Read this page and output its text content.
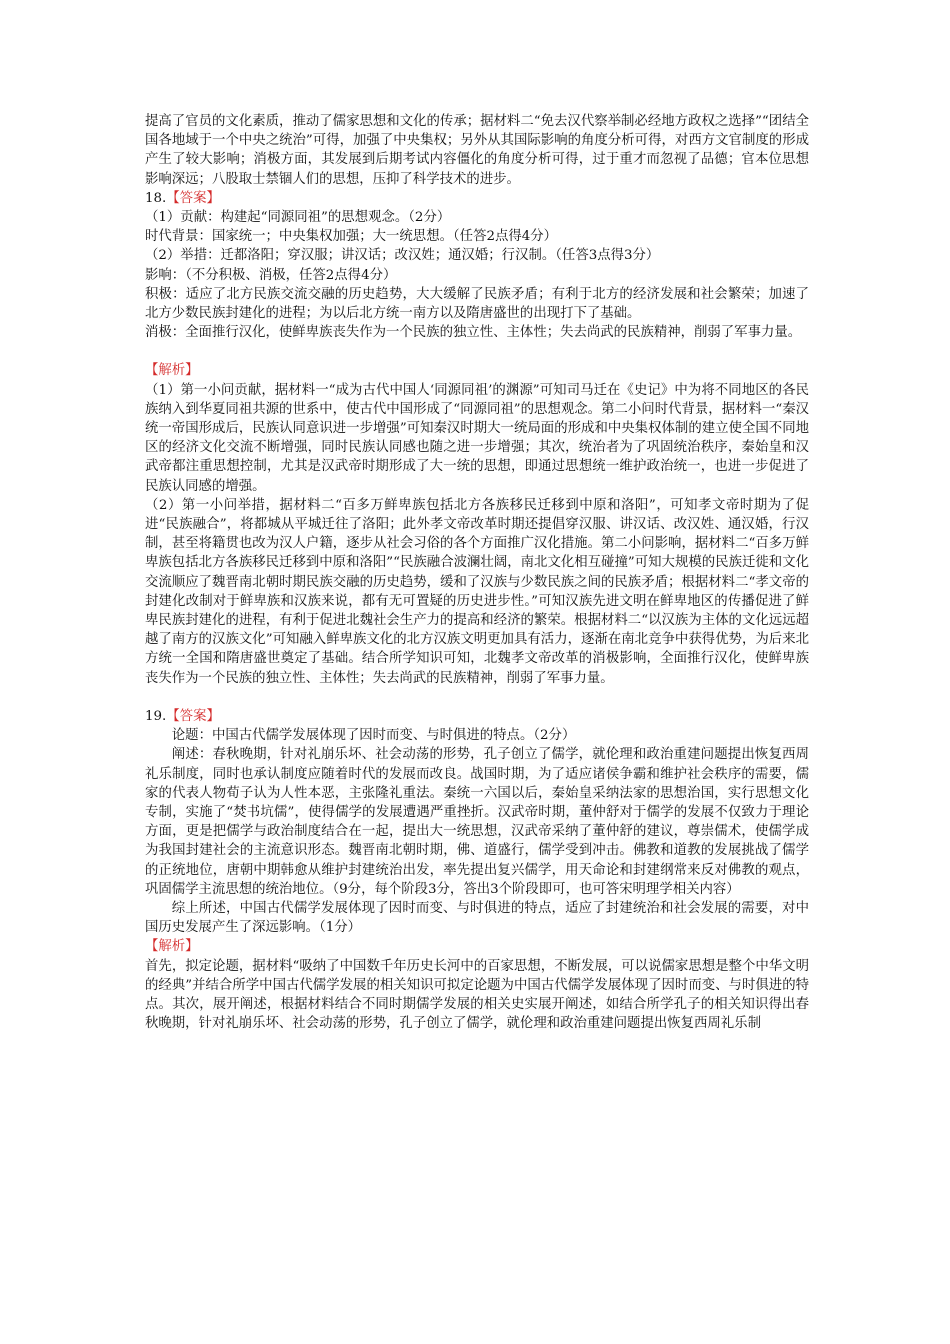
提高了官员的文化素质，推动了儒家思想和文化的传承；据材料二“免去汉代察举制必经地方政权之选择”“团结全国各地域于一个中央之统治”可得，加强了中央集权；另外从其国际影响的角度分析可得，对西方文官制度的形成产生了较大影响；消极方面，其发展到后期考试内容僵化的角度分析可得，过于重才而忽视了品德；官本位思想影响深远；八股取士禁锢人们的思想，压抑了科学技术的进步。

18.【答案】

（1）贡献：构建起“同源同祖”的思想观念。（2分）

时代背景：国家统一；中央集权加强；大一统思想。（任答2点得4分）

（2）举措：迁都洛阳；穿汉服；讲汉话；改汉姓；通汉婚；行汉制。（任答3点得3分）

影响：（不分积极、消极，任答2点得4分）

积极：适应了北方民族交流交融的历史趋势，大大缓解了民族矛盾；有利于北方的经济发展和社会繁荣；加速了北方少数民族封建化的进程；为以后北方统一南方以及隋唐盛世的出现打下了基础。

消极：全面推行汉化，使鲜卑族丧失作为一个民族的独立性、主体性；失去尚武的民族精神，削弱了军事力量。

【解析】

（1）第一小问贡献，据材料一“成为古代中国人‘同源同祖’的渊源”可知司马迁在《史记》中为将不同地区的各民族纳入到华夏同祖共源的世系中，使古代中国形成了“同源同祖”的思想观念。第二小问时代背景，据材料一“秦汉统一帝国形成后，民族认同意识进一步增强”可知秦汉时期大一统局面的形成和中央集权体制的建立使全国不同地区的经济文化交流不断增强，同时民族认同感也随之进一步增强；其次，统治者为了巩固统治秩序，秦始皇和汉武帝都注重思想控制，尤其是汉武帝时期形成了大一统的思想，即通过思想统一维护政治统一，也进一步促进了民族认同感的增强。

（2）第一小问举措，据材料二“百多万鲜卑族包括北方各族移民迁移到中原和洛阳”，可知孝文帝时期为了促进“民族融合”，将都城从平城迁往了洛阳；此外孝文帝改革时期还提倡穿汉服、讲汉话、改汉姓、通汉婚，行汉制，甚至将籍贯也改为汉人户籍，逐步从社会习俗的各个方面推广汉化措施。第二小问影响，据材料二“百多万鲜卑族包括北方各族移民迁移到中原和洛阳”“民族融合波澜壮阔，南北文化相互碰撞”可知大规模的民族迁徙和文化交流顺应了魏晋南北朝时期民族交融的历史趋势，缓和了汉族与少数民族之间的民族矛盾；根据材料二“孝文帝的封建化改制对于鲜卑族和汉族来说，都有无可置疑的历史进步性。”可知汉族先进文明在鲜卑地区的传播促进了鲜卑民族封建化的进程，有利于促进北魏社会生产力的提高和经济的繁荣。根据材料二“以汉族为主体的文化远远超越了南方的汉族文化”可知融入鲜卑族文化的北方汉族文明更加具有活力，逐渐在南北竞争中获得优势，为后来北方统一全国和隋唐盛世奠定了基础。结合所学知识可知，北魏孝文帝改革的消极影响，全面推行汉化，使鲜卑族丧失作为一个民族的独立性、主体性；失去尚武的民族精神，削弱了军事力量。

19.【答案】

论题：中国古代儒学发展体现了因时而变、与时俱进的特点。（2分）

阐述：春秋晚期，针对礼崩乐坏、社会动荡的形势，孔子创立了儒学，就伦理和政治重建问题提出恢复西周礼乐制度，同时也承认制度应随着时代的发展而改良。战国时期，为了适应诸侯争霸和维护社会秩序的需要，儒家的代表人物荀子认为人性本恶，主张隆礼重法。秦统一六国以后，秦始皇采纳法家的思想治国，实行思想文化专制，实施了“焚书坑儒”，使得儒学的发展遭遇严重挫折。汉武帝时期，董仲舒对于儒学的发展不仅致力于理论方面，更是把儒学与政治制度结合在一起，提出大一统思想，汉武帝采纳了董仲舒的建议，尊崇儒术，使儒学成为我国封建社会的主流意识形态。魏晋南北朝时期，佛、道盛行，儒学受到冲击。佛教和道教的发展挑战了儒学的正统地位，唐朝中期韩愈从维护封建统治出发，率先提出复兴儒学，用天命论和封建纲常来反对佛教的观点，巩固儒学主流思想的统治地位。（9分，每个阶段3分，答出3个阶段即可，也可答宋明理学相关内容）

综上所述，中国古代儒学发展体现了因时而变、与时俱进的特点，适应了封建统治和社会发展的需要，对中国历史发展产生了深远影响。（1分）

【解析】

首先，拟定论题，据材料“吸纳了中国数千年历史长河中的百家思想，不断发展，可以说儒家思想是整个中华文明的经典”并结合所学中国古代儒学发展的相关知识可拟定论题为中国古代儒学发展体现了因时而变、与时俱进的特点。其次，展开阐述，根据材料结合不同时期儒学发展的相关史实展开阐述，如结合所学孔子的相关知识得出春秋晚期，针对礼崩乐坏、社会动荡的形势，孔子创立了儒学，就伦理和政治重建问题提出恢复西周礼乐制
